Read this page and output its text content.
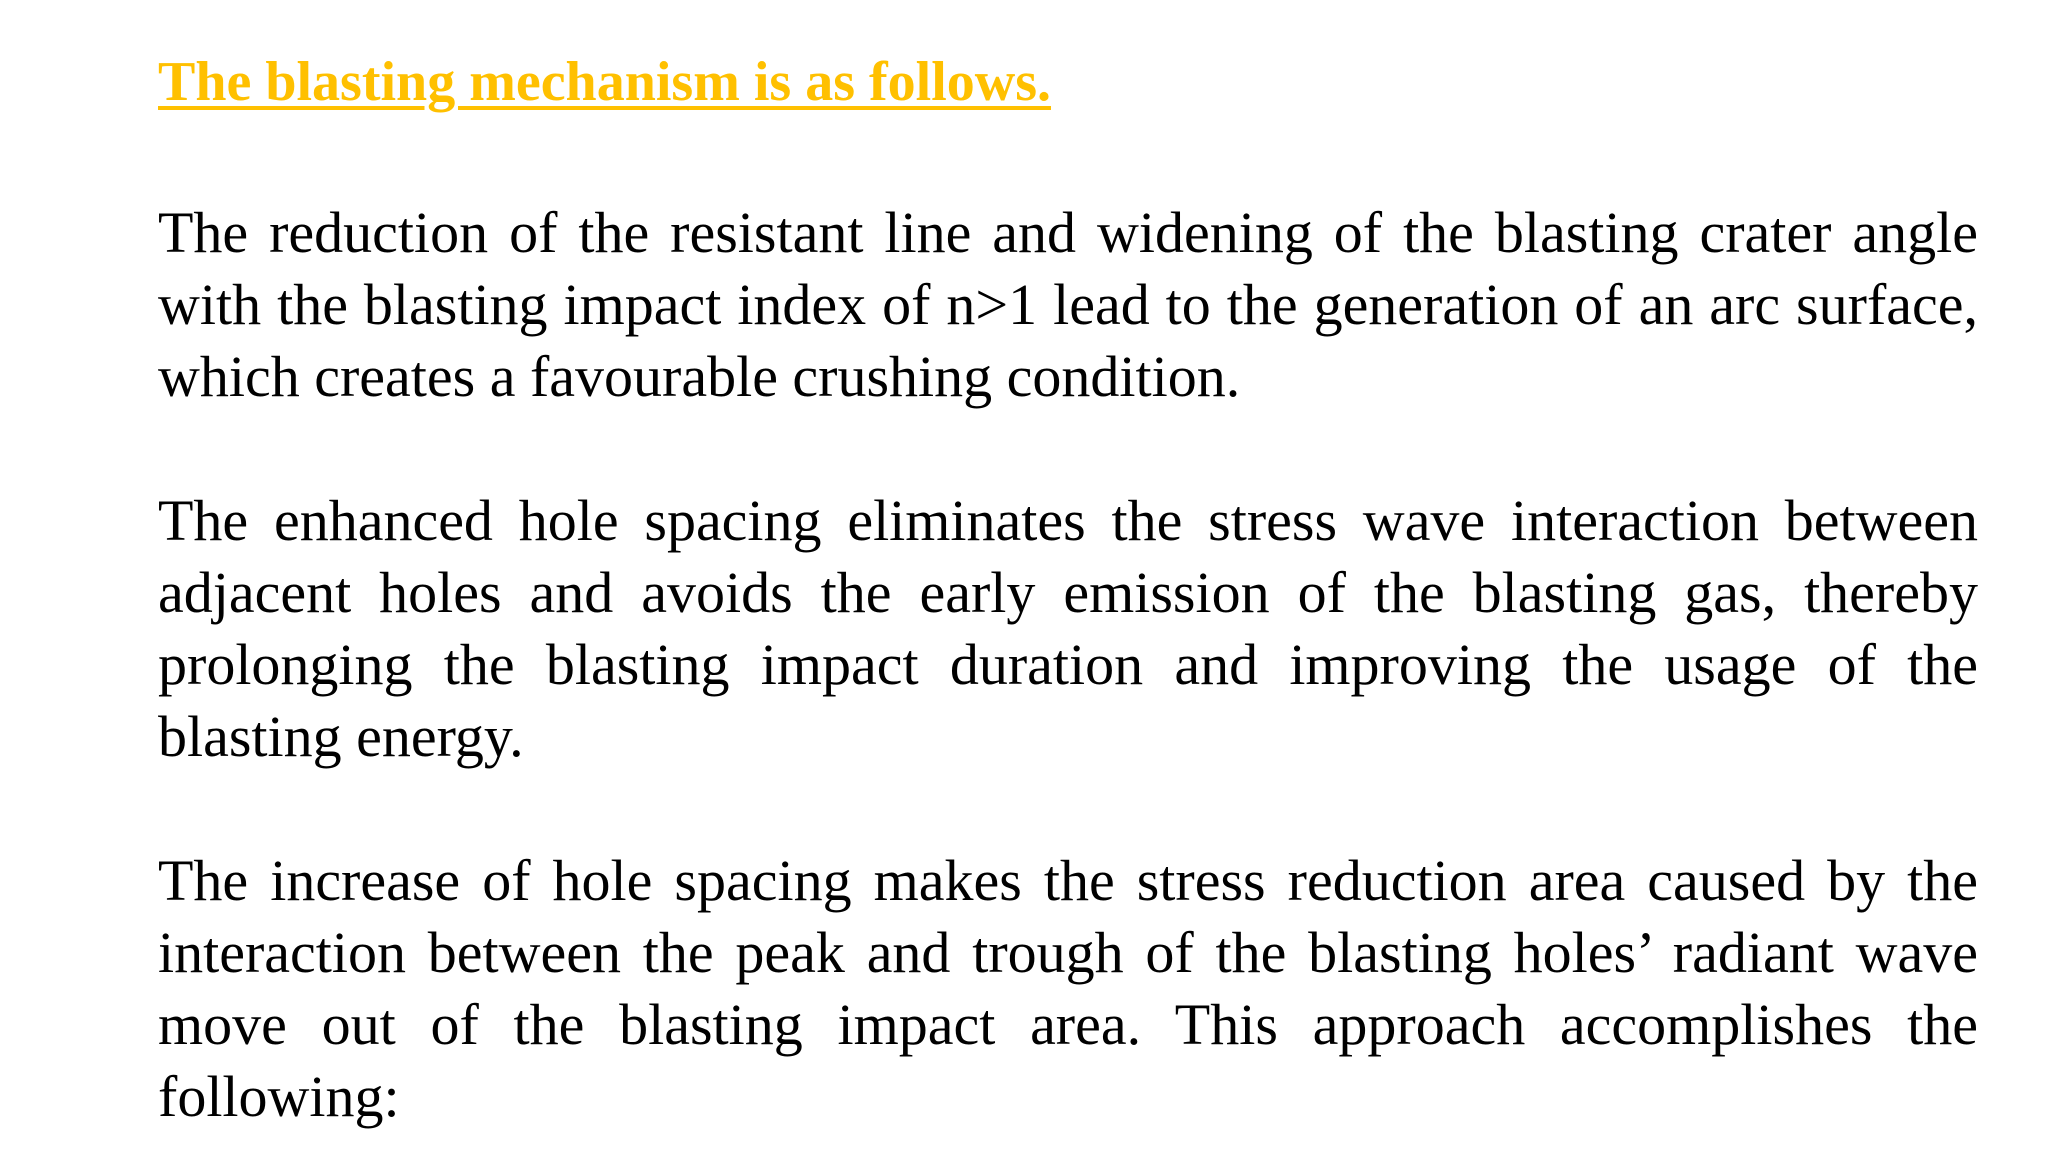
The blasting mechanism is as follows.

The reduction of the resistant line and widening of the blasting crater angle with the blasting impact index of n>1 lead to the generation of an arc surface, which creates a favourable crushing condition.

The enhanced hole spacing eliminates the stress wave interaction between adjacent holes and avoids the early emission of the blasting gas, thereby prolonging the blasting impact duration and improving the usage of the blasting energy.

The increase of hole spacing makes the stress reduction area caused by the interaction between the peak and trough of the blasting holes’ radiant wave move out of the blasting impact area. This approach accomplishes the following:
